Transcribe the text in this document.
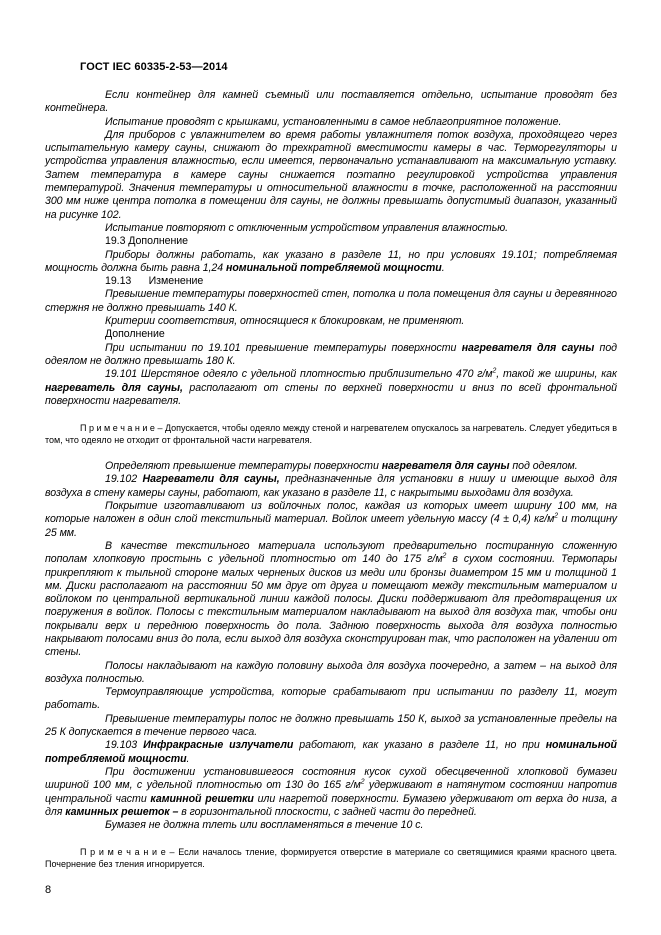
ГОСТ IEC 60335-2-53—2014

Если контейнер для камней съемный или поставляется отдельно, испытание проводят без контейнера.

Испытание проводят с крышками, установленными в самое неблагоприятное положение.

Для приборов с увлажнителем во время работы увлажнителя поток воздуха, проходящего через испытательную камеру сауны, снижают до трехкратной вместимости камеры в час. Терморегуляторы и устройства управления влажностью, если имеется, первоначально устанавливают на максимальную уставку. Затем температура в камере сауны снижается поэтапно регулировкой устройства управления температурой. Значения температуры и относительной влажности в точке, расположенной на расстоянии 300 мм ниже центра потолка в помещении для сауны, не должны превышать допустимый диапазон, указанный на рисунке 102.

Испытание повторяют с отключенным устройством управления влажностью.

19.3 Дополнение

Приборы должны работать, как указано в разделе 11, но при условиях 19.101; потребляемая мощность должна быть равна 1,24 номинальной потребляемой мощности.

19.13      Изменение

Превышение температуры поверхностей стен, потолка и пола помещения для сауны и деревянного стержня не должно превышать 140 К.

Критерии соответствия, относящиеся к блокировкам, не применяют.

Дополнение

При испытании по 19.101 превышение температуры поверхности нагревателя для сауны под одеялом не должно превышать 180 К.

19.101 Шерстяное одеяло с удельной плотностью приблизительно 470 $г/м^2$, такой же ширины, как нагреватель для сауны, располагают от стены по верхней поверхности и вниз по всей фронтальной поверхности нагревателя.

П р и м е ч а н и е – Допускается, чтобы одеяло между стеной и нагревателем опускалось за нагреватель. Следует убедиться в том, что одеяло не отходит от фронтальной части нагревателя.

Определяют превышение температуры поверхности нагревателя для сауны под одеялом.

19.102 Нагреватели для сауны, предназначенные для установки в нишу и имеющие выход для воздуха в стену камеры сауны, работают, как указано в разделе 11, с накрытыми выходами для воздуха.

Покрытие изготавливают из войлочных полос, каждая из которых имеет ширину 100 мм, на которые наложен в один слой текстильный материал. Войлок имеет удельную массу (4 ± 0,4) $кг/м^2$ и толщину 25 мм.

В качестве текстильного материала используют предварительно постиранную сложенную пополам хлопковую простынь с удельной плотностью от 140 до 175 $г/м^2$ в сухом состоянии. Термопары прикрепляют к тыльной стороне малых черненых дисков из меди или бронзы диаметром 15 мм и толщиной 1 мм. Диски располагают на расстоянии 50 мм друг от друга и помещают между текстильным материалом и войлоком по центральной вертикальной линии каждой полосы. Диски поддерживают для предотвращения их погружения в войлок. Полосы с текстильным материалом накладывают на выход для воздуха так, чтобы они покрывали верх и переднюю поверхность до пола. Заднюю поверхность выхода для воздуха полностью накрывают полосами вниз до пола, если выход для воздуха сконструирован так, что расположен на удалении от стены.

Полосы накладывают на каждую половину выхода для воздуха поочередно, а затем – на выход для воздуха полностью.

Термоуправляющие устройства, которые срабатывают при испытании по разделу 11, могут работать.

Превышение температуры полос не должно превышать 150 К, выход за установленные пределы на 25 К допускается в течение первого часа.

19.103 Инфракрасные излучатели работают, как указано в разделе 11, но при номинальной потребляемой мощности.

При достижении установившегося состояния кусок сухой обесцвеченной хлопковой бумазеи шириной 100 мм, с удельной плотностью от 130 до 165 $г/м^2$ удерживают в натянутом состоянии напротив центральной части каминной решетки или нагретой поверхности. Бумазею удерживают от верха до низа, а для каминных решеток – в горизонтальной плоскости, с задней части до передней.

Бумазея не должна тлеть или воспламеняться в течение 10 с.

П р и м е ч а н и е – Если началось тление, формируется отверстие в материале со светящимися краями красного цвета. Почернение без тления игнорируется.

8
